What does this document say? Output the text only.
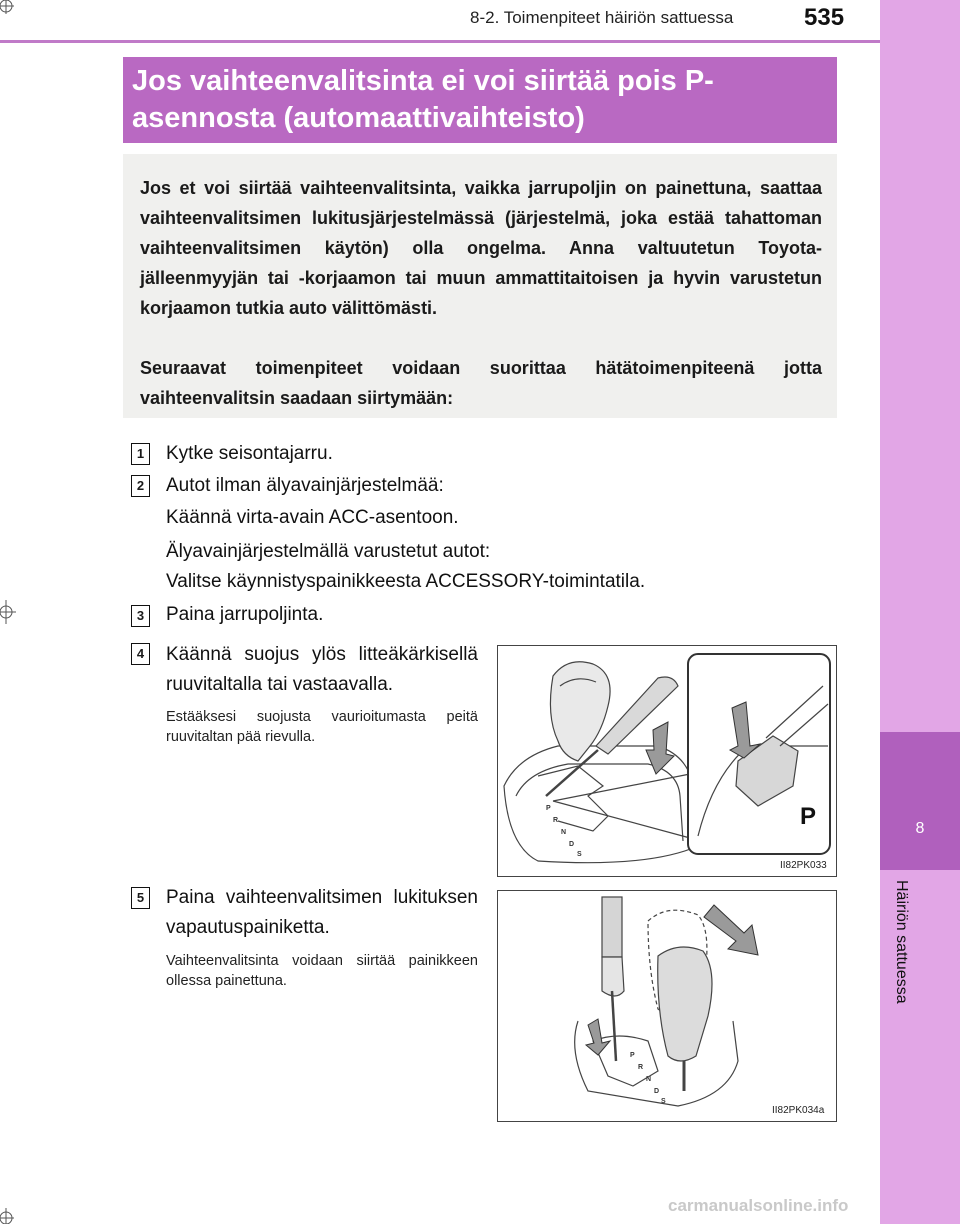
8
Häiriön sattuessa
8-2. Toimenpiteet häiriön sattuessa	535
Jos vaihteenvalitsinta ei voi siirtää pois P-asennosta (automaattivaihteisto)

Jos et voi siirtää vaihteenvalitsinta, vaikka jarrupoljin on painettuna, saattaa vaihteenvalitsimen lukitusjärjestelmässä (järjestelmä, joka estää tahattoman vaihteenvalitsimen käytön) olla ongelma. Anna valtuutetun Toyota-jälleenmyyjän tai -korjaamon tai muun ammattitaitoisen ja hyvin varustetun korjaamon tutkia auto välittömästi.

Seuraavat toimenpiteet voidaan suorittaa hätätoimenpiteenä jotta vaihteenvalitsin saadaan siirtymään:

1	Kytke seisontajarru.
2	Autot ilman älyavainjärjestelmää:
Käännä virta-avain ACC-asentoon.
Älyavainjärjestelmällä varustetut autot:
Valitse käynnistyspainikkeesta ACCESSORY-toimintatila.
3	Paina jarrupoljinta.
4	Käännä suojus ylös litteäkärkisellä ruuvitaltalla tai vastaavalla.
Estääksesi suojusta vaurioitumasta peitä ruuvitaltan pää rievulla.
5	Paina vaihteenvalitsimen lukituksen vapautuspainiketta.
Vaihteenvalitsinta voidaan siirtää painikkeen ollessa painettuna.
P
R
N
D
S
P
II82PK033
P
R
N
D
S
II82PK034a
carmanualsonline.info
